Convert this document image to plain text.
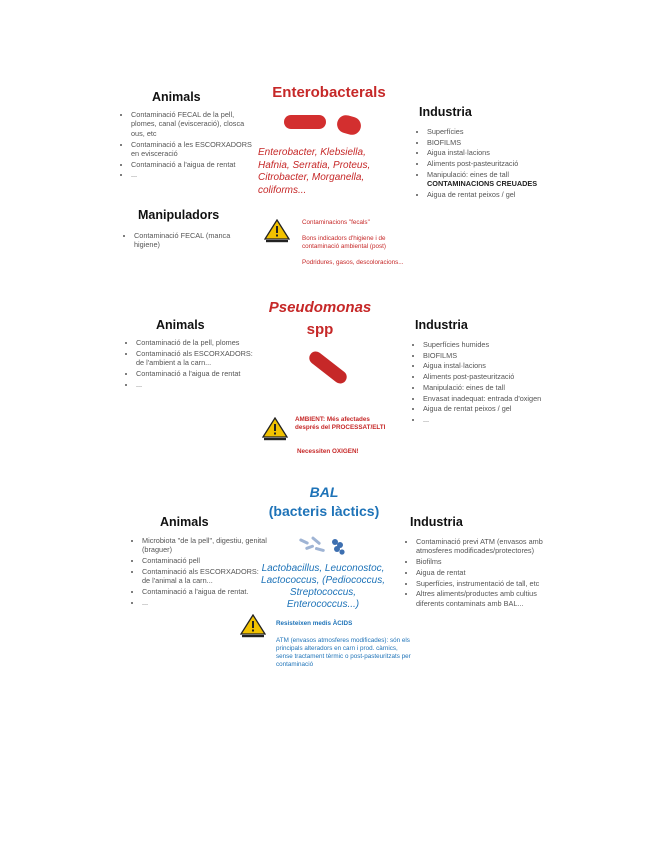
Animals
• Contaminació FECAL de la pell, plomes, canal (evisceració), closca ous, etc
• Contaminació a les ESCORXADORS en evisceració
• Contaminació a l'aigua de rentat
• ...
Manipuladors
• Contaminació FECAL (manca higiene)
Enterobacterals
Enterobacter, Klebsiella, Hafnia, Serratia, Proteus, Citrobacter, Morganella, coliforms...
Industria
• Superfícies
• BIOFILMS
• Aigua instal·lacions
• Aliments post-pasteurització
• Manipulació: eines de tall
CONTAMINACIONS CREUADES
• Aigua de rentat peixos / gel
Contaminacions "fecals"
Bons indicadors d'higiene i de contaminació ambiental (post)
Podridures, gasos, descoloracions...
Animals
• Contaminació de la pell, plomes
• Contaminació als ESCORXADORS: de l'ambient a la carn...
• Contaminació a l'aigua de rentat
• ...
Pseudomonas
spp	Industria
• Superfícies humides
• BIOFILMS
• Aigua instal·lacions
• Aliments post-pasteurització
• Manipulació: eines de tall
• Envasat inadequat: entrada d'oxigen
• Aigua de rentat peixos / gel
• ...
AMBIENT: Més afectades després del PROCESSAT/ELTI
Necessiten OXIGEN!
BAL
(bacteris làctics)
Lactobacillus, Leuconostoc, Lactococcus, (Pediococcus, Streptococcus, Enterococcus...)
Animals
• Microbiota "de la pell", digestiu, genital (braguer)
• Contaminació pell
• Contaminació als ESCORXADORS: de l'animal a la carn...
• Contaminació a l'aigua de rentat.
• ...
Industria
• Contaminació previ ATM (envasos amb atmosferes modificades/protectores)
• Biofilms
• Aigua de rentat
• Superfícies, instrumentació de tall, etc
• Altres aliments/productes amb cultius diferents contaminats amb BAL...
Resisteixen medis ÀCIDS
ATM (envasos atmosferes modificades): són els principals alteradors en carn i prod. càrnics, sense tractament tèrmic o post-pasteuritzats per contaminació
